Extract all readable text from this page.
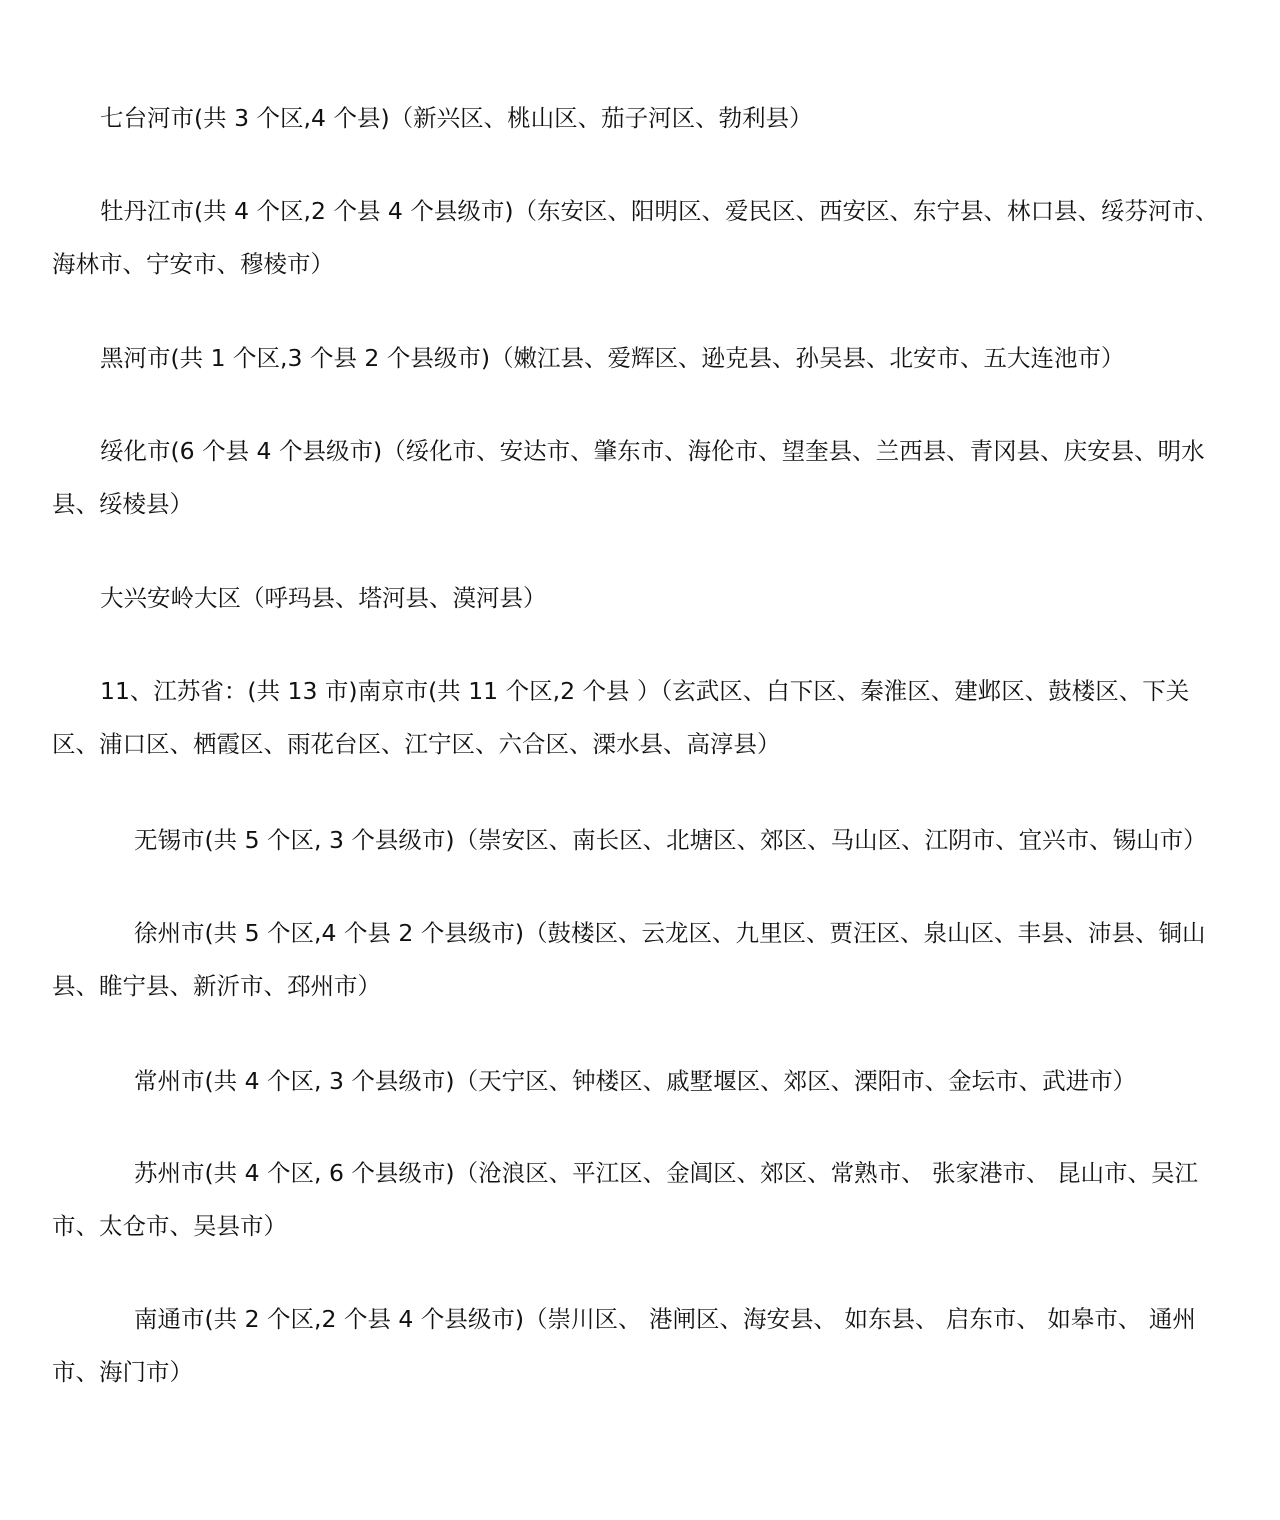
七台河市(共 3 个区,4 个县)（新兴区、桃山区、茄子河区、勃利县）

牡丹江市(共 4 个区,2 个县 4 个县级市)（东安区、阳明区、爱民区、西安区、东宁县、林口县、绥芬河市、海林市、宁安市、穆棱市）

黑河市(共 1 个区,3 个县 2 个县级市)（嫩江县、爱辉区、逊克县、孙吴县、北安市、五大连池市）

绥化市(6 个县 4 个县级市)（绥化市、安达市、肇东市、海伦市、望奎县、兰西县、青冈县、庆安县、明水县、绥棱县）

大兴安岭大区（呼玛县、塔河县、漠河县）

11、江苏省：(共 13 市)南京市(共 11 个区,2 个县 ）（玄武区、白下区、秦淮区、建邺区、鼓楼区、下关区、浦口区、栖霞区、雨花台区、江宁区、六合区、溧水县、高淳县）

无锡市(共 5 个区, 3 个县级市)（崇安区、南长区、北塘区、郊区、马山区、江阴市、宜兴市、锡山市）

徐州市(共 5 个区,4 个县 2 个县级市)（鼓楼区、云龙区、九里区、贾汪区、泉山区、丰县、沛县、铜山县、睢宁县、新沂市、邳州市）

常州市(共 4 个区, 3 个县级市)（天宁区、钟楼区、戚墅堰区、郊区、溧阳市、金坛市、武进市）

苏州市(共 4 个区, 6 个县级市)（沧浪区、平江区、金阊区、郊区、常熟市、 张家港市、 昆山市、吴江市、太仓市、吴县市）

南通市(共 2 个区,2 个县 4 个县级市)（崇川区、 港闸区、海安县、 如东县、 启东市、 如皋市、 通州市、海门市）
